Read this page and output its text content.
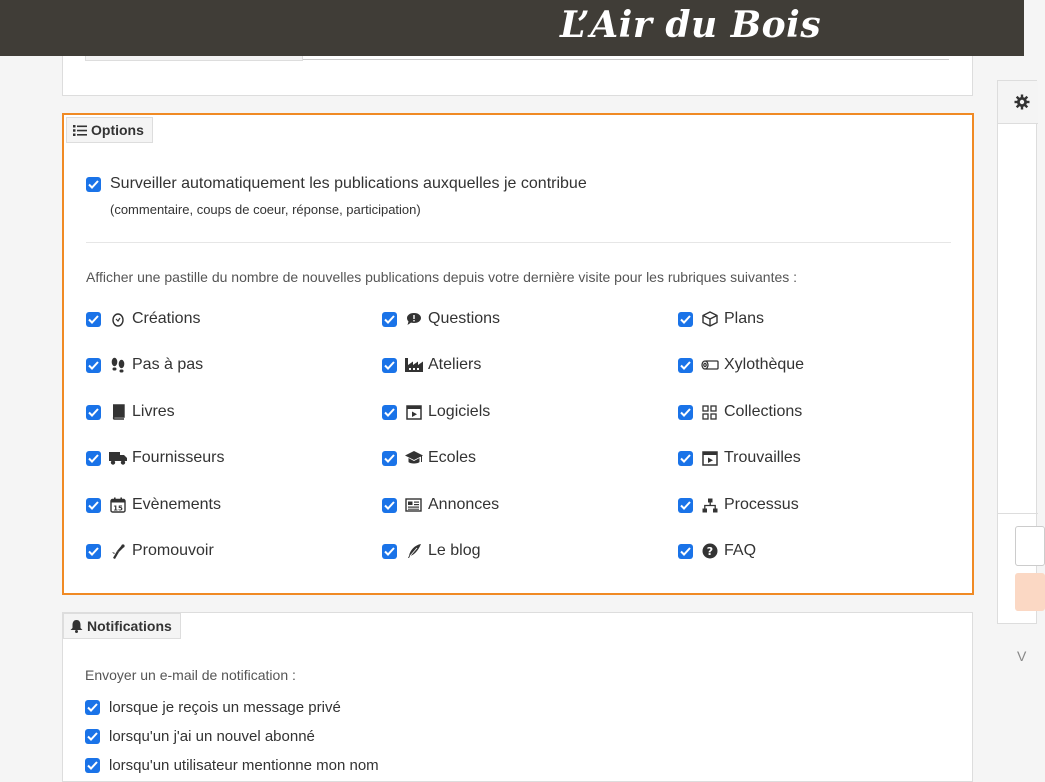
L’Air du Bois
Options
Surveiller automatiquement les publications auxquelles je contribue
(commentaire, coups de coeur, réponse, participation)
Afficher une pastille du nombre de nouvelles publications depuis votre dernière visite pour les rubriques suivantes :
Créations
Pas à pas
Livres
Fournisseurs
15 Evènements
Promouvoir
Questions
Ateliers
Logiciels
Ecoles
Annonces
Le blog
Plans
Xylothèque
Collections
Trouvailles
Processus
? FAQ
Notifications
Envoyer un e-mail de notification :
lorsque je reçois un message privé
lorsqu'un j'ai un nouvel abonné
lorsqu'un utilisateur mentionne mon nom
V
